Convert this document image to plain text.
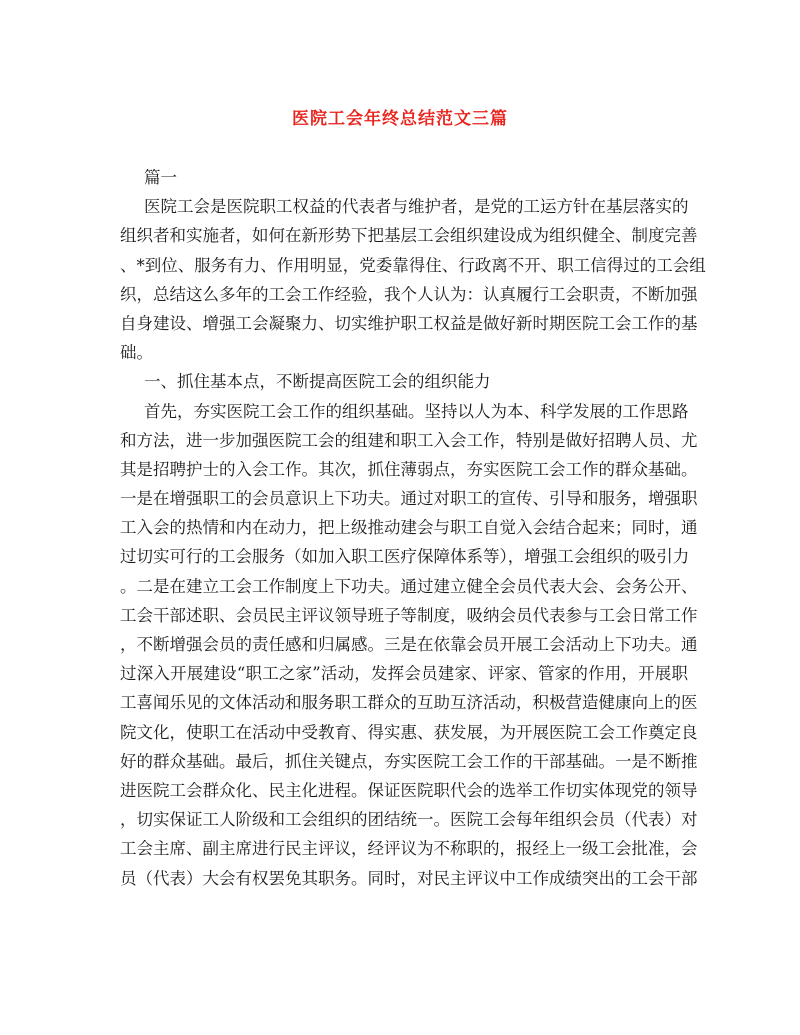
医院工会年终总结范文三篇
篇一
医院工会是医院职工权益的代表者与维护者，是党的工运方针在基层落实的
组织者和实施者，如何在新形势下把基层工会组织建设成为组织健全、制度完善
、*到位、服务有力、作用明显，党委靠得住、行政离不开、职工信得过的工会组
织，总结这么多年的工会工作经验，我个人认为：认真履行工会职责，不断加强
自身建设、增强工会凝聚力、切实维护职工权益是做好新时期医院工会工作的基
础。
一、抓住基本点，不断提高医院工会的组织能力
首先，夯实医院工会工作的组织基础。坚持以人为本、科学发展的工作思路
和方法，进一步加强医院工会的组建和职工入会工作，特别是做好招聘人员、尤
其是招聘护士的入会工作。其次，抓住薄弱点，夯实医院工会工作的群众基础。
一是在增强职工的会员意识上下功夫。通过对职工的宣传、引导和服务，增强职
工入会的热情和内在动力，把上级推动建会与职工自觉入会结合起来；同时，通
过切实可行的工会服务（如加入职工医疗保障体系等），增强工会组织的吸引力
。二是在建立工会工作制度上下功夫。通过建立健全会员代表大会、会务公开、
工会干部述职、会员民主评议领导班子等制度，吸纳会员代表参与工会日常工作
，不断增强会员的责任感和归属感。三是在依靠会员开展工会活动上下功夫。通
过深入开展建设“职工之家”活动，发挥会员建家、评家、管家的作用，开展职
工喜闻乐见的文体活动和服务职工群众的互助互济活动，积极营造健康向上的医
院文化，使职工在活动中受教育、得实惠、获发展，为开展医院工会工作奠定良
好的群众基础。最后，抓住关键点，夯实医院工会工作的干部基础。一是不断推
进医院工会群众化、民主化进程。保证医院职代会的选举工作切实体现党的领导
，切实保证工人阶级和工会组织的团结统一。医院工会每年组织会员（代表）对
工会主席、副主席进行民主评议，经评议为不称职的，报经上一级工会批准，会
员（代表）大会有权罢免其职务。同时，对民主评议中工作成绩突出的工会干部
